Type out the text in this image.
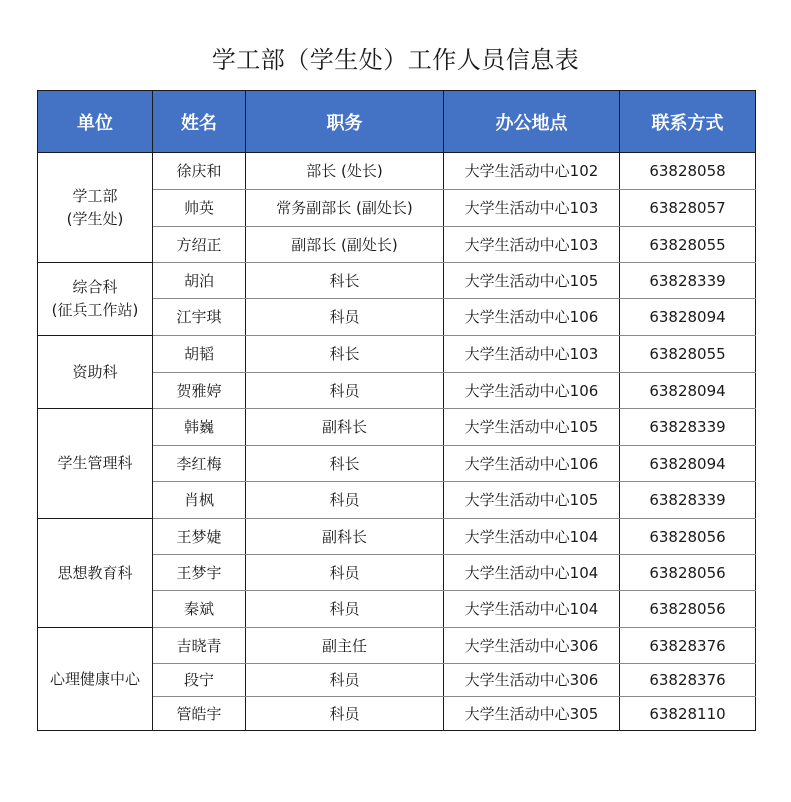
学工部（学生处）工作人员信息表
单位	姓名	职务	办公地点	联系方式

学工部
(学生处)	徐庆和	部长 (处长)	大学生活动中心102	63828058
	帅英	常务副部长 (副处长)	大学生活动中心103	63828057
	方绍正	副部长 (副处长)	大学生活动中心103	63828055

综合科
(征兵工作站)	胡泊	科长	大学生活动中心105	63828339
	江宇琪	科员	大学生活动中心106	63828094

资助科	胡韬	科长	大学生活动中心103	63828055
	贺雅婷	科员	大学生活动中心106	63828094

学生管理科	韩巍	副科长	大学生活动中心105	63828339
	李红梅	科长	大学生活动中心106	63828094
	肖枫	科员	大学生活动中心105	63828339

思想教育科	王梦婕	副科长	大学生活动中心104	63828056
	王梦宇	科员	大学生活动中心104	63828056
	秦斌	科员	大学生活动中心104	63828056

心理健康中心	吉晓青	副主任	大学生活动中心306	63828376
	段宁	科员	大学生活动中心306	63828376
	管皓宇	科员	大学生活动中心305	63828110
